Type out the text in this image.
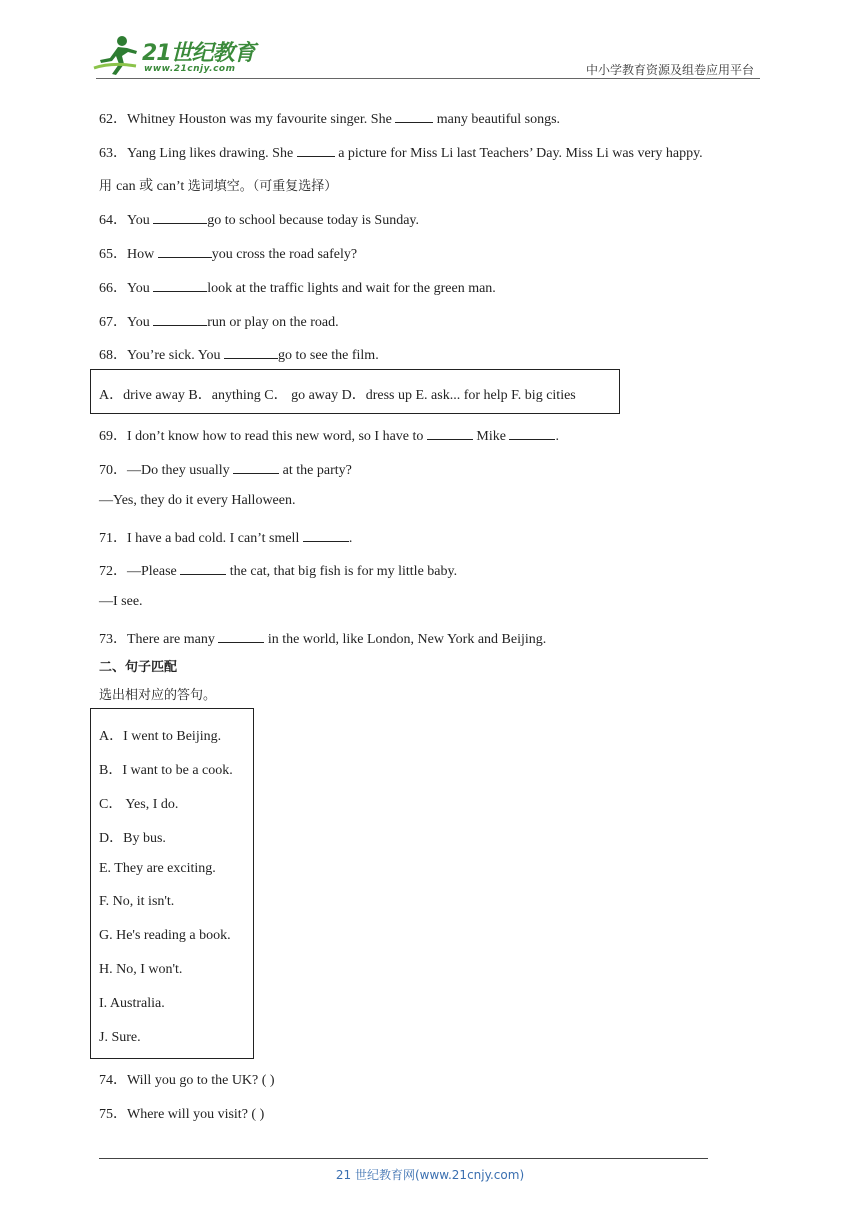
21世纪教育
www.21cnjy.com	中小学教育资源及组卷应用平台
62．Whitney Houston was my favourite singer. She	many beautiful songs.
63．Yang Ling likes drawing. She	a picture for Miss Li last Teachers’ Day. Miss Li was very happy.
用 can 或 can’t 选词填空。（可重复选择）
64．You	go to school because today is Sunday.
65．How	you cross the road safely?
66．You	look at the traffic lights and wait for the green man.
67．You	run or play on the road.
68．You’re sick. You	go to see the film.
A．drive away B．anything C． go away D．dress up E. ask... for help F. big cities
69．I don’t know how to read this new word, so I have to	Mike	.
70．—Do they usually	at the party?
—Yes, they do it every Halloween.
71．I have a bad cold. I can’t smell	.
72．—Please	the cat, that big fish is for my little baby.
—I see.
73．There are many	in the world, like London, New York and Beijing.
二、句子匹配
选出相对应的答句。
A．I went to Beijing.
B．I want to be a cook.
C． Yes, I do.
D．By bus.
E. They are exciting.
F. No, it isn't.
G. He's reading a book.
H. No, I won't.
I. Australia.
J. Sure.
74．Will you go to the UK? ( )
75．Where will you visit? ( )
21 世纪教育网(www.21cnjy.com)
